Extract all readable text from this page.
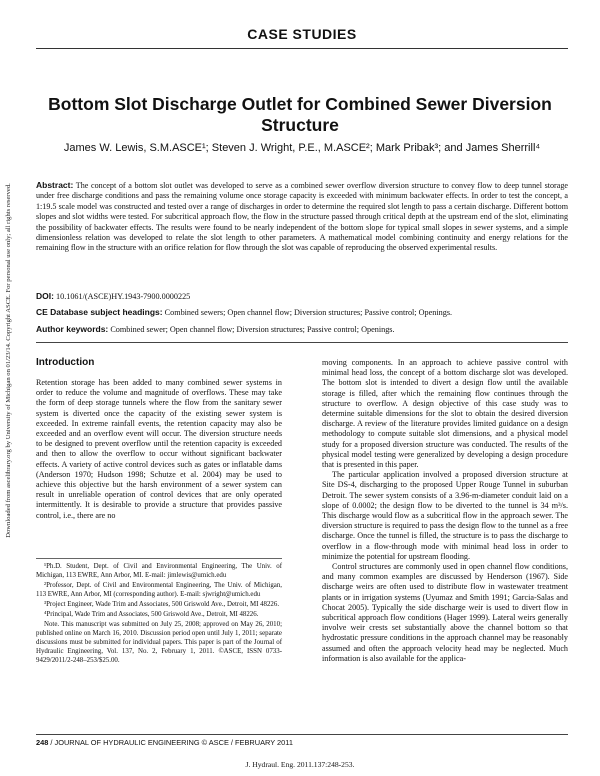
Downloaded from ascelibrary.org by University of Michigan on 01/23/14. Copyright ASCE. For personal use only; all rights reserved.
CASE STUDIES
Bottom Slot Discharge Outlet for Combined Sewer Diversion Structure
James W. Lewis, S.M.ASCE¹; Steven J. Wright, P.E., M.ASCE²; Mark Pribak³; and James Sherrill⁴
Abstract: The concept of a bottom slot outlet was developed to serve as a combined sewer overflow diversion structure to convey flow to deep tunnel storage under free discharge conditions and pass the remaining volume once storage capacity is exceeded with minimum backwater effects. In order to test the concept, a 1:19.5 scale model was constructed and tested over a range of discharges in order to determine the required slot length to pass a certain discharge. Different bottom slopes and slot widths were tested. For subcritical approach flow, the flow in the structure passed through critical depth at the upstream end of the slot, eliminating the possibility of backwater effects. The results were found to be nearly independent of the bottom slope for typical small slopes in sewer systems, and a simple dimensionless relation was developed to relate the slot length to other parameters. A mathematical model combining continuity and energy relations for the remaining flow in the structure with an orifice relation for flow through the slot was capable of reproducing the observed experimental results.
DOI: 10.1061/(ASCE)HY.1943-7900.0000225
CE Database subject headings: Combined sewers; Open channel flow; Diversion structures; Passive control; Openings.
Author keywords: Combined sewer; Open channel flow; Diversion structures; Passive control; Openings.
Introduction

Retention storage has been added to many combined sewer systems in order to reduce the volume and magnitude of overflows. These may take the form of deep storage tunnels where the flow from the sanitary sewer system is diverted once the capacity of the existing sewer system is exceeded. In extreme rainfall events, the retention capacity may also be exceeded and an overflow event will occur. The diversion structure needs to be designed to prevent overflow until the retention capacity is exceeded and then to allow the overflow to occur without significant backwater effects. A variety of active control devices such as gates or inflatable dams (Anderson 1970; Hudson 1998; Schutze et al. 2004) may be used to achieve this objective but the harsh environment of a sewer system can result in unreliable operation of control devices that are only operated intermittently. It is desirable to provide a structure that provides passive control, i.e., there are no

¹Ph.D. Student, Dept. of Civil and Environmental Engineering, The Univ. of Michigan, 113 EWRE, Ann Arbor, MI. E-mail: jimlewis@umich.edu

²Professor, Dept. of Civil and Environmental Engineering, The Univ. of Michigan, 113 EWRE, Ann Arbor, MI (corresponding author). E-mail: sjwright@umich.edu

³Project Engineer, Wade Trim and Associates, 500 Griswold Ave., Detroit, MI 48226.

⁴Principal, Wade Trim and Associates, 500 Griswold Ave., Detroit, MI 48226.

Note. This manuscript was submitted on July 25, 2008; approved on May 26, 2010; published online on March 16, 2010. Discussion period open until July 1, 2011; separate discussions must be submitted for individual papers. This paper is part of the Journal of Hydraulic Engineering, Vol. 137, No. 2, February 1, 2011. ©ASCE, ISSN 0733-9429/2011/2-248–253/$25.00.

moving components. In an approach to achieve passive control with minimal head loss, the concept of a bottom discharge slot was developed. The bottom slot is intended to divert a design flow until the available storage is filled, after which the remaining flow continues through the structure to overflow. A design objective of this case study was to determine suitable dimensions for the slot to obtain the desired diversion discharge. A review of the literature provides limited guidance on a design methodology to compute suitable slot dimensions, and a physical model study for a proposed diversion structure was conducted. The results of the physical model testing were generalized by developing a design procedure that is presented in this paper.

The particular application involved a proposed diversion structure at Site DS-4, discharging to the proposed Upper Rouge Tunnel in suburban Detroit. The sewer system consists of a 3.96-m-diameter conduit laid on a slope of 0.0002; the design flow to be diverted to the tunnel is 34 m³/s. This discharge would flow as a subcritical flow in the approach sewer. The diversion structure is required to pass the design flow to the tunnel as a free discharge. Once the tunnel is filled, the structure is to pass the discharge to overflow in a flow-through mode with minimal head loss in order to minimize the potential for upstream flooding.

Control structures are commonly used in open channel flow conditions, and many common examples are discussed by Henderson (1967). Side discharge weirs are often used to distribute flow in wastewater treatment plants or in irrigation systems (Uyumaz and Smith 1991; Garcia-Salas and Chocat 2005). Typically the side discharge weir is used to divert flow in subcritical approach flow conditions (Hager 1999). Lateral weirs generally involve weir crests set substantially above the channel bottom so that hydrostatic pressure conditions in the approach channel may be reasonably assumed and often the approach velocity head may be neglected. Much information is also available for the applica-

248 / JOURNAL OF HYDRAULIC ENGINEERING © ASCE / FEBRUARY 2011
J. Hydraul. Eng. 2011.137:248-253.
